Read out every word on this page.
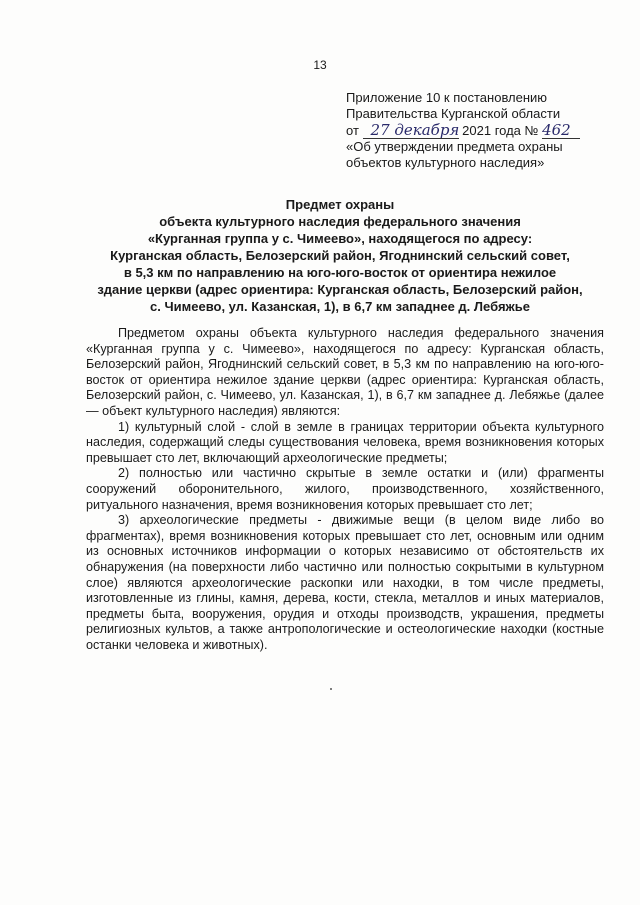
13
Приложение 10 к постановлению
Правительства Курганской области
от 27 декабря 2021 года № 462
«Об утверждении предмета охраны
объектов культурного наследия»
Предмет охраны
объекта культурного наследия федерального значения
«Курганная группа у с. Чимеево», находящегося по адресу:
Курганская область, Белозерский район, Ягоднинский сельский совет,
в 5,3 км по направлению на юго-юго-восток от ориентира нежилое
здание церкви (адрес ориентира: Курганская область, Белозерский район,
с. Чимеево, ул. Казанская, 1), в 6,7 км западнее д. Лебяжье

Предметом охраны объекта культурного наследия федерального значения «Курганная группа у с. Чимеево», находящегося по адресу: Курганская область, Белозерский район, Ягоднинский сельский совет, в 5,3 км по направлению на юго-юго-восток от ориентира нежилое здание церкви (адрес ориентира: Курганская область, Белозерский район, с. Чимеево, ул. Казанская, 1), в 6,7 км западнее д. Лебяжье (далее — объект культурного наследия) являются:

1) культурный слой - слой в земле в границах территории объекта культурного наследия, содержащий следы существования человека, время возникновения которых превышает сто лет, включающий археологические предметы;

2) полностью или частично скрытые в земле остатки и (или) фрагменты сооружений оборонительного, жилого, производственного, хозяйственного, ритуального назначения, время возникновения которых превышает сто лет;

3) археологические предметы - движимые вещи (в целом виде либо во фрагментах), время возникновения которых превышает сто лет, основным или одним из основных источников информации о которых независимо от обстоятельств их обнаружения (на поверхности либо частично или полностью сокрытыми в культурном слое) являются археологические раскопки или находки, в том числе предметы, изготовленные из глины, камня, дерева, кости, стекла, металлов и иных материалов, предметы быта, вооружения, орудия и отходы производств, украшения, предметы религиозных культов, а также антропологические и остеологические находки (костные останки человека и животных).
